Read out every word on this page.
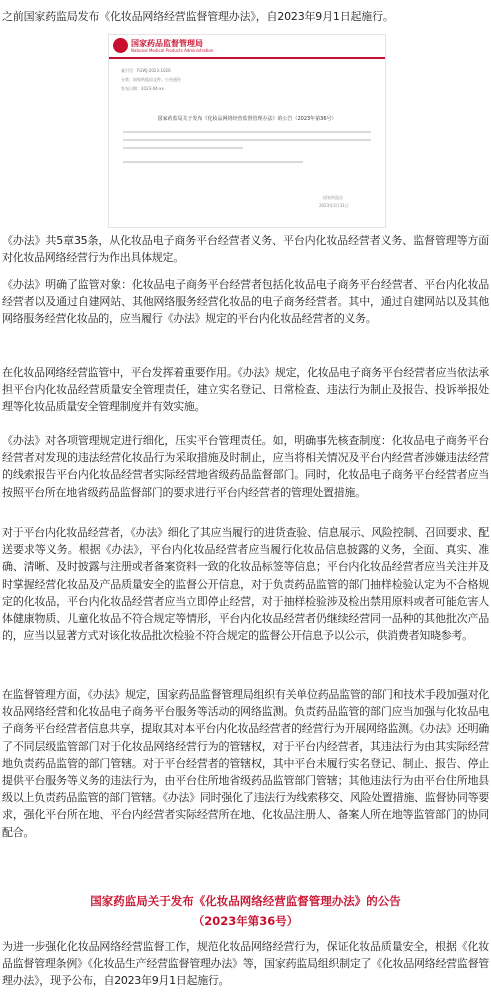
之前国家药监局发布《化妆品网络经营监督管理办法》，自2023年9月1日起施行。
国家药品监督管理局
National Medical Products Administration
索引号：FGWJ-2023-1026
分类：国家药监局文件；公告通告
发布日期：2023-04-xx
国家药监局关于发布《化妆品网络经营监督管理办法》的公告（2023年第36号）
国家药监局
2023年3月31日

《办法》共5章35条，从化妆品电子商务平台经营者义务、平台内化妆品经营者义务、监督管理等方面对化妆品网络经营行为作出具体规定。

《办法》明确了监管对象：化妆品电子商务平台经营者包括化妆品电子商务平台经营者、平台内化妆品经营者以及通过自建网站、其他网络服务经营化妆品的电子商务经营者。其中，通过自建网站以及其他网络服务经营化妆品的，应当履行《办法》规定的平台内化妆品经营者的义务。

在化妆品网络经营监管中，平台发挥着重要作用。《办法》规定，化妆品电子商务平台经营者应当依法承担平台内化妆品经营质量安全管理责任，建立实名登记、日常检查、违法行为制止及报告、投诉举报处理等化妆品质量安全管理制度并有效实施。

《办法》对各项管理规定进行细化，压实平台管理责任。如，明确事先核查制度：化妆品电子商务平台经营者对发现的违法经营化妆品行为采取措施及时制止，应当将相关情况及平台内经营者涉嫌违法经营的线索报告平台内化妆品经营者实际经营地省级药品监督部门。同时，化妆品电子商务平台经营者应当按照平台所在地省级药品监督部门的要求进行平台内经营者的管理处置措施。

对于平台内化妆品经营者，《办法》细化了其应当履行的进货查验、信息展示、风险控制、召回要求、配送要求等义务。根据《办法》，平台内化妆品经营者应当履行化妆品信息披露的义务，全面、真实、准确、清晰、及时披露与注册或者备案资料一致的化妆品标签等信息；平台内化妆品经营者应当关注并及时掌握经营化妆品及产品质量安全的监督公开信息，对于负责药品监管的部门抽样检验认定为不合格规定的化妆品，平台内化妆品经营者应当立即停止经营，对于抽样检验涉及检出禁用原料或者可能危害人体健康物质、儿童化妆品不符合规定等情形，平台内化妆品经营者仍继续经营同一品种的其他批次产品的，应当以显著方式对该化妆品批次检验不符合规定的监督公开信息予以公示，供消费者知晓参考。

在监督管理方面，《办法》规定，国家药品监督管理局组织有关单位药品监管的部门和技术手段加强对化妆品网络经营和化妆品电子商务平台服务等活动的网络监测。负责药品监管的部门应当加强与化妆品电子商务平台经营者信息共享，提取其对本平台内化妆品经营者的经营行为开展网络监测。《办法》还明确了不同层级监管部门对于化妆品网络经营行为的管辖权，对于平台内经营者，其违法行为由其实际经营地负责药品监管的部门管辖。对于平台经营者的管辖权，其中平台未履行实名登记、制止、报告、停止提供平台服务等义务的违法行为，由平台住所地省级药品监管部门管辖；其他违法行为由平台住所地县级以上负责药品监管的部门管辖。《办法》同时强化了违法行为线索移交、风险处置措施、监督协同等要求，强化平台所在地、平台内经营者实际经营所在地、化妆品注册人、备案人所在地等监管部门的协同配合。

国家药监局关于发布《化妆品网络经营监督管理办法》的公告
（2023年第36号）

为进一步强化化妆品网络经营监督工作，规范化妆品网络经营行为，保证化妆品质量安全，根据《化妆品监督管理条例》《化妆品生产经营监督管理办法》等，国家药监局组织制定了《化妆品网络经营监督管理办法》，现予公布，自2023年9月1日起施行。
